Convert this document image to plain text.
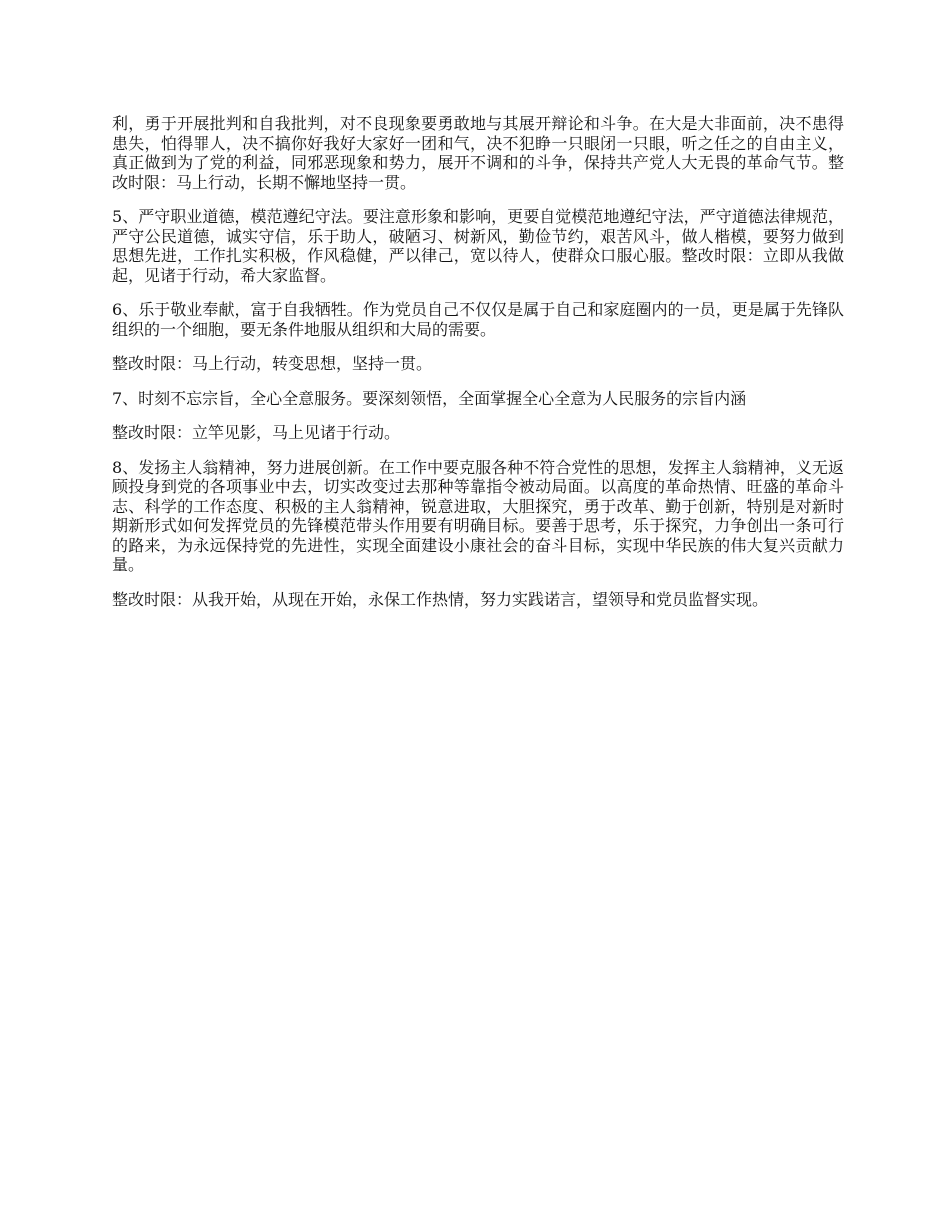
利，勇于开展批判和自我批判，对不良现象要勇敢地与其展开辩论和斗争。在大是大非面前，决不患得患失，怕得罪人，决不搞你好我好大家好一团和气，决不犯睁一只眼闭一只眼，听之任之的自由主义，真正做到为了党的利益，同邪恶现象和势力，展开不调和的斗争，保持共产党人大无畏的革命气节。整改时限：马上行动，长期不懈地坚持一贯。

5、严守职业道德，模范遵纪守法。要注意形象和影响，更要自觉模范地遵纪守法，严守道德法律规范，严守公民道德，诚实守信，乐于助人，破陋习、树新风，勤俭节约，艰苦风斗，做人楷模，要努力做到思想先进，工作扎实积极，作风稳健，严以律己，宽以待人，使群众口服心服。整改时限：立即从我做起，见诸于行动，希大家监督。

6、乐于敬业奉献，富于自我牺牲。作为党员自己不仅仅是属于自己和家庭圈内的一员，更是属于先锋队组织的一个细胞，要无条件地服从组织和大局的需要。

整改时限：马上行动，转变思想，坚持一贯。

7、时刻不忘宗旨，全心全意服务。要深刻领悟，全面掌握全心全意为人民服务的宗旨内涵

整改时限：立竿见影，马上见诸于行动。

8、发扬主人翁精神，努力进展创新。在工作中要克服各种不符合党性的思想，发挥主人翁精神，义无返顾投身到党的各项事业中去，切实改变过去那种等靠指令被动局面。以高度的革命热情、旺盛的革命斗志、科学的工作态度、积极的主人翁精神，锐意进取，大胆探究，勇于改革、勤于创新，特别是对新时期新形式如何发挥党员的先锋模范带头作用要有明确目标。要善于思考，乐于探究，力争创出一条可行的路来，为永远保持党的先进性，实现全面建设小康社会的奋斗目标，实现中华民族的伟大复兴贡献力量。

整改时限：从我开始，从现在开始，永保工作热情，努力实践诺言，望领导和党员监督实现。
